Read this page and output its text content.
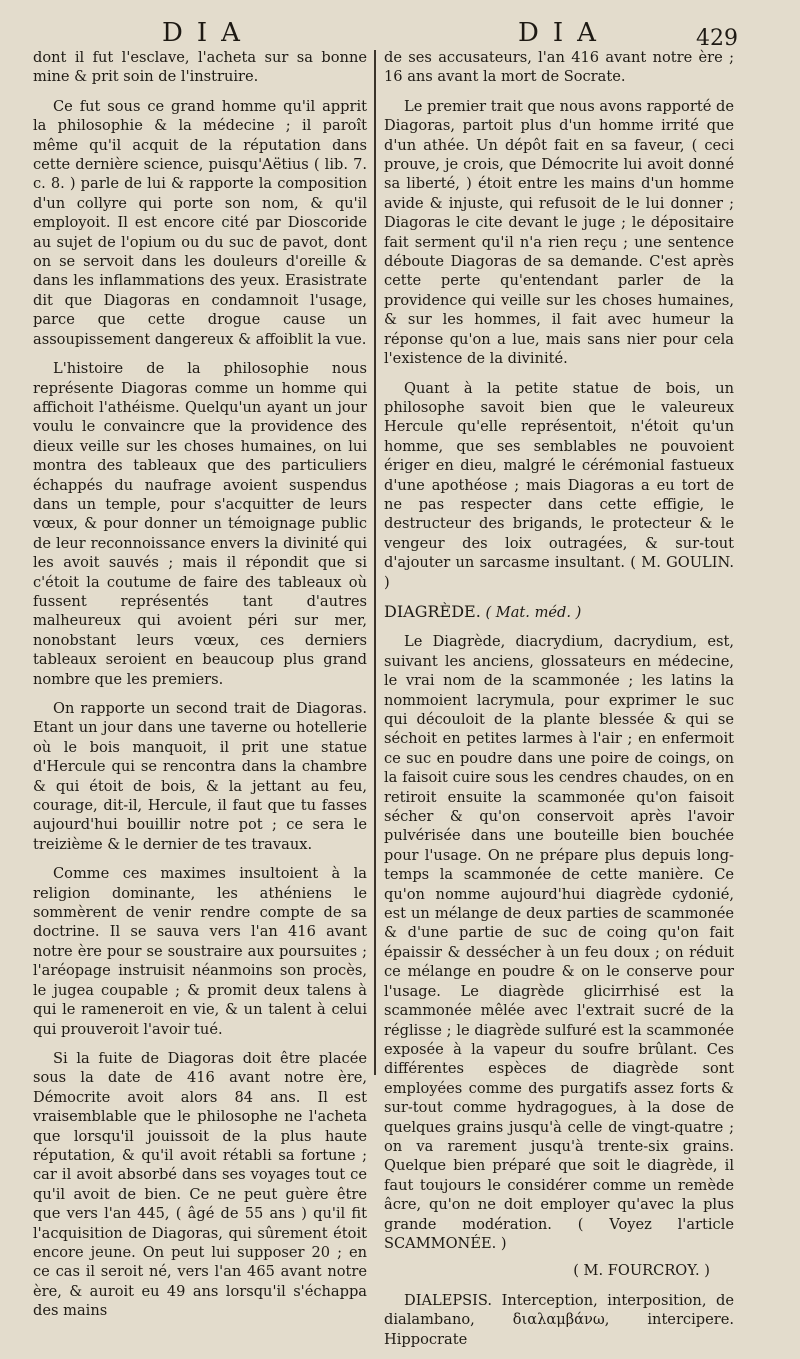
DIA	DIA	429

dont il fut l'esclave, l'acheta sur sa bonne mine & prit soin de l'instruire.

Ce fut sous ce grand homme qu'il apprit la philosophie & la médecine ; il paroît même qu'il acquit de la réputation dans cette dernière science, puisqu'Aëtius ( lib. 7. c. 8. ) parle de lui & rapporte la composition d'un collyre qui porte son nom, & qu'il employoit. Il est encore cité par Dioscoride au sujet de l'opium ou du suc de pavot, dont on se servoit dans les douleurs d'oreille & dans les inflammations des yeux. Erasistrate dit que Diagoras en condamnoit l'usage, parce que cette drogue cause un assoupissement dangereux & affoiblit la vue.

L'histoire de la philosophie nous représente Diagoras comme un homme qui affichoit l'athéisme. Quelqu'un ayant un jour voulu le convaincre que la providence des dieux veille sur les choses humaines, on lui montra des tableaux que des particuliers échappés du naufrage avoient suspendus dans un temple, pour s'acquitter de leurs vœux, & pour donner un témoignage public de leur reconnoissance envers la divinité qui les avoit sauvés ; mais il répondit que si c'étoit la coutume de faire des tableaux où fussent représentés tant d'autres malheureux qui avoient péri sur mer, nonobstant leurs vœux, ces derniers tableaux seroient en beaucoup plus grand nombre que les premiers.

On rapporte un second trait de Diagoras. Etant un jour dans une taverne ou hotellerie où le bois manquoit, il prit une statue d'Hercule qui se rencontra dans la chambre & qui étoit de bois, & la jettant au feu, courage, dit-il, Hercule, il faut que tu fasses aujourd'hui bouillir notre pot ; ce sera le treizième & le dernier de tes travaux.

Comme ces maximes insultoient à la religion dominante, les athéniens le sommèrent de venir rendre compte de sa doctrine. Il se sauva vers l'an 416 avant notre ère pour se soustraire aux poursuites ; l'aréopage instruisit néanmoins son procès, le jugea coupable ; & promit deux talens à qui le rameneroit en vie, & un talent à celui qui prouveroit l'avoir tué.

Si la fuite de Diagoras doit être placée sous la date de 416 avant notre ère, Démocrite avoit alors 84 ans. Il est vraisemblable que le philosophe ne l'acheta que lorsqu'il jouissoit de la plus haute réputation, & qu'il avoit rétabli sa fortune ; car il avoit absorbé dans ses voyages tout ce qu'il avoit de bien. Ce ne peut guère être que vers l'an 445, ( âgé de 55 ans ) qu'il fit l'acquisition de Diagoras, qui sûrement étoit encore jeune. On peut lui supposer 20 ; en ce cas il seroit né, vers l'an 465 avant notre ère, & auroit eu 49 ans lorsqu'il s'échappa des mains

de ses accusateurs, l'an 416 avant notre ère ; 16 ans avant la mort de Socrate.

Le premier trait que nous avons rapporté de Diagoras, partoit plus d'un homme irrité que d'un athée. Un dépôt fait en sa faveur, ( ceci prouve, je crois, que Démocrite lui avoit donné sa liberté, ) étoit entre les mains d'un homme avide & injuste, qui refusoit de le lui donner ; Diagoras le cite devant le juge ; le dépositaire fait serment qu'il n'a rien reçu ; une sentence déboute Diagoras de sa demande. C'est après cette perte qu'entendant parler de la providence qui veille sur les choses humaines, & sur les hommes, il fait avec humeur la réponse qu'on a lue, mais sans nier pour cela l'existence de la divinité.

Quant à la petite statue de bois, un philosophe savoit bien que le valeureux Hercule qu'elle représentoit, n'étoit qu'un homme, que ses semblables ne pouvoient ériger en dieu, malgré le cérémonial fastueux d'une apothéose ; mais Diagoras a eu tort de ne pas respecter dans cette effigie, le destructeur des brigands, le protecteur & le vengeur des loix outragées, & sur-tout d'ajouter un sarcasme insultant. ( M. GOULIN. )

DIAGRÈDE. ( Mat. méd. )

Le Diagrède, diacrydium, dacrydium, est, suivant les anciens, glossateurs en médecine, le vrai nom de la scammonée ; les latins la nommoient lacrymula, pour exprimer le suc qui découloit de la plante blessée & qui se séchoit en petites larmes à l'air ; en enfermoit ce suc en poudre dans une poire de coings, on la faisoit cuire sous les cendres chaudes, on en retiroit ensuite la scammonée qu'on faisoit sécher & qu'on conservoit après l'avoir pulvérisée dans une bouteille bien bouchée pour l'usage. On ne prépare plus depuis long-temps la scammonée de cette manière. Ce qu'on nomme aujourd'hui diagrède cydonié, est un mélange de deux parties de scammonée & d'une partie de suc de coing qu'on fait épaissir & dessécher à un feu doux ; on réduit ce mélange en poudre & on le conserve pour l'usage. Le diagrède glicirrhisé est la scammonée mêlée avec l'extrait sucré de la réglisse ; le diagrède sulfuré est la scammonée exposée à la vapeur du soufre brûlant. Ces différentes espèces de diagrède sont employées comme des purgatifs assez forts & sur-tout comme hydragogues, à la dose de quelques grains jusqu'à celle de vingt-quatre ; on va rarement jusqu'à trente-six grains. Quelque bien préparé que soit le diagrède, il faut toujours le considérer comme un remède âcre, qu'on ne doit employer qu'avec la plus grande modération. ( Voyez l'article SCAMMONÉE. )

( M. FOURCROY. )

DIALEPSIS. Interception, interposition, de dialambano, διαλαμβάνω, intercipere. Hippocrate
